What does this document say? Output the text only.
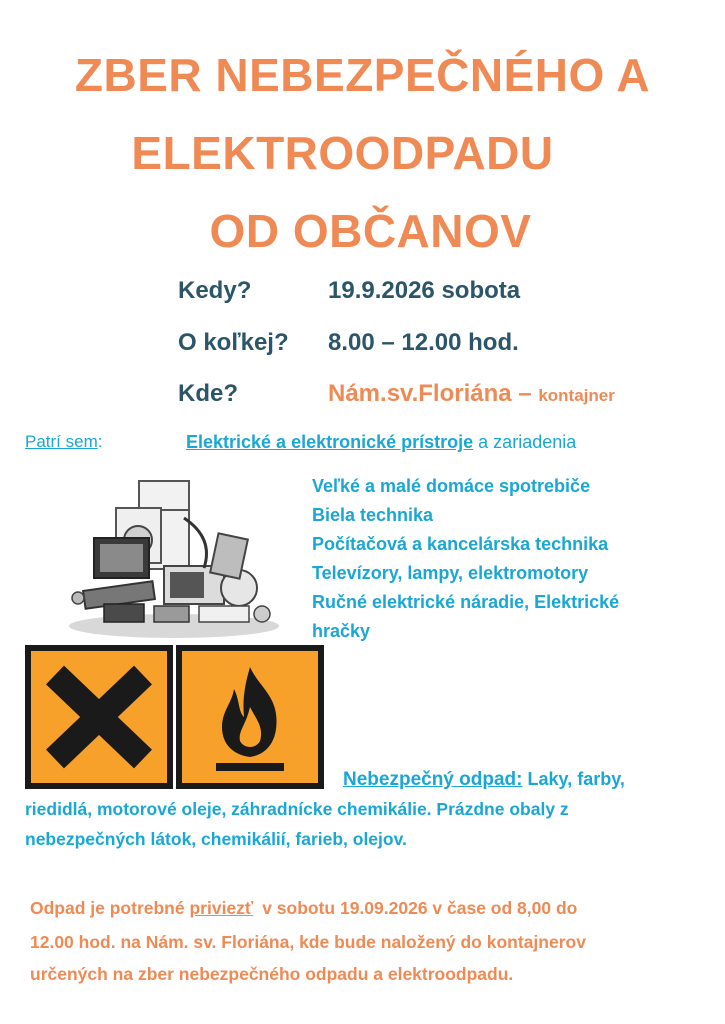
ZBER NEBEZPEČNÉHO A
ELEKTROODPADU
OD OBČANOV
Kedy?	19.9.2026 sobota
O koľkej? 8.00 – 12.00 hod.
Kde?	Nám.sv.Floriána – kontajner
Patrí sem:	Elektrické a elektronické prístroje a zariadenia
Veľké a malé domáce spotrebiče
Biela technika
Počítačová a kancelárska technika
Televízory, lampy, elektromotory
Ručné elektrické náradie, Elektrické
hračky
Nebezpečný odpad: Laky, farby,
riedidlá, motorové oleje, záhradnícke chemikálie. Prázdne obaly z
nebezpečných látok, chemikálií, farieb, olejov.
Odpad je potrebné priviezť v sobotu 19.09.2026 v čase od 8,00 do
12.00 hod. na Nám. sv. Floriána, kde bude naložený do kontajnerov
určených na zber nebezpečného odpadu a elektroodpadu.
